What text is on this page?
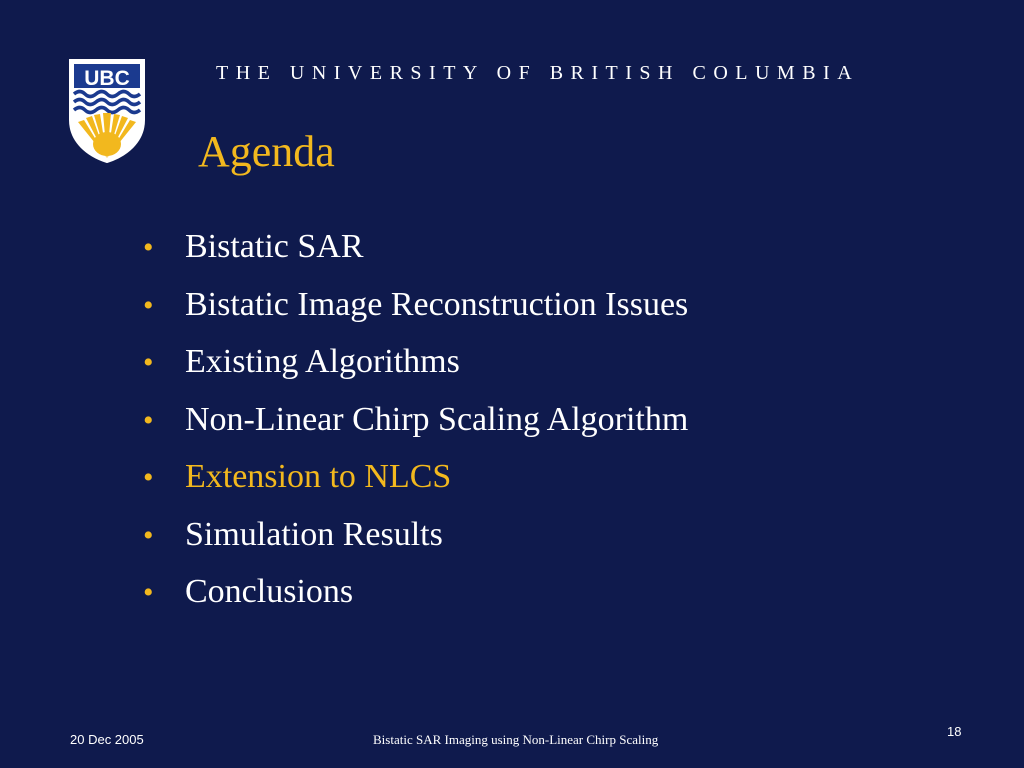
UBC	THE UNIVERSITY OF BRITISH COLUMBIA
Agenda
• Bistatic SAR
• Bistatic Image Reconstruction Issues
• Existing Algorithms
• Non-Linear Chirp Scaling Algorithm
• Extension to NLCS
• Simulation Results
• Conclusions
20 Dec 2005	Bistatic SAR Imaging using Non-Linear Chirp Scaling
18
